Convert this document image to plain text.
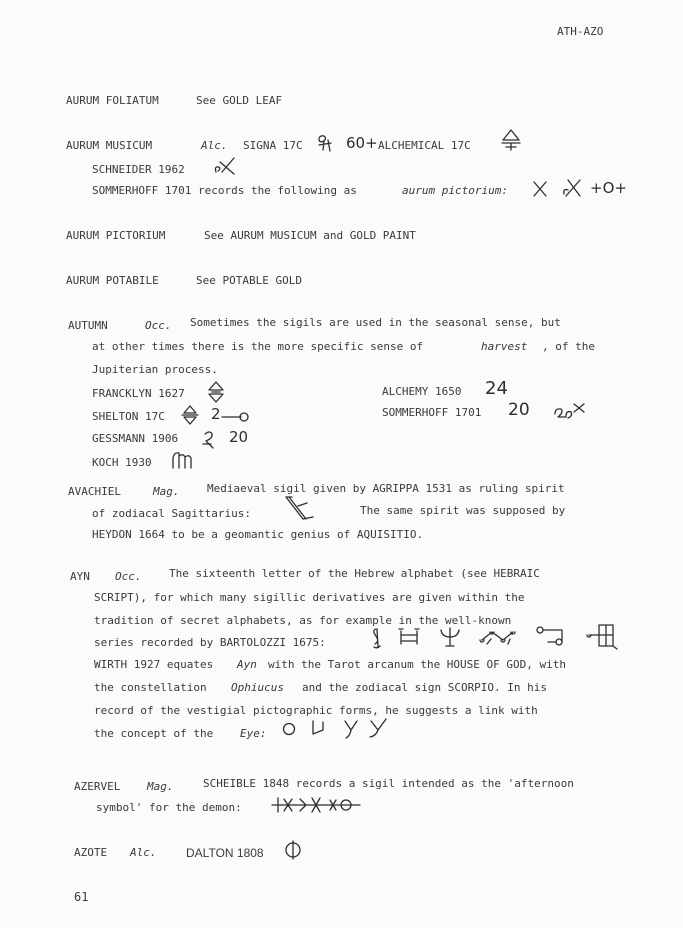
ATH-AZO
AURUM FOLIATUM	See GOLD LEAF
AURUM MUSICUM	Alc. SIGNA 17C	60+ ALCHEMICAL 17C
SCHNEIDER 1962
SOMMERHOFF 1701 records the following as	aurum pictorium:	+O+
AURUM PICTORIUM	See AURUM MUSICUM and GOLD PAINT
AURUM POTABILE	See POTABLE GOLD
AUTUMN	Occ. Sometimes the sigils are used in the seasonal sense, but
at other times there is the more specific sense of	harvest , of the
Jupiterian process.
FRANCKLYN 1627	ALCHEMY 1650 24
SHELTON 17C	2	SOMMERHOFF 1701 20
GESSMANN 1906	20
KOCH 1930
AVACHIEL	Mag.	Mediaeval sigil given by AGRIPPA 1531 as ruling spirit
of zodiacal Sagittarius:	The same spirit was supposed by
HEYDON 1664 to be a geomantic genius of AQUISITIO.
AYN Occ.	The sixteenth letter of the Hebrew alphabet (see HEBRAIC
SCRIPT), for which many sigillic derivatives are given within the
tradition of secret alphabets, as for example in the well-known
series recorded by BARTOLOZZI 1675:
WIRTH 1927 equates Ayn with the Tarot arcanum the HOUSE OF GOD, with
the constellation Ophiucus and the zodiacal sign SCORPIO. In his
record of the vestigial pictographic forms, he suggests a link with
the concept of the Eye:
AZERVEL Mag.	SCHEIBLE 1848 records a sigil intended as the 'afternoon
symbol' for the demon:
AZOTE Alc. DALTON 1808
61
